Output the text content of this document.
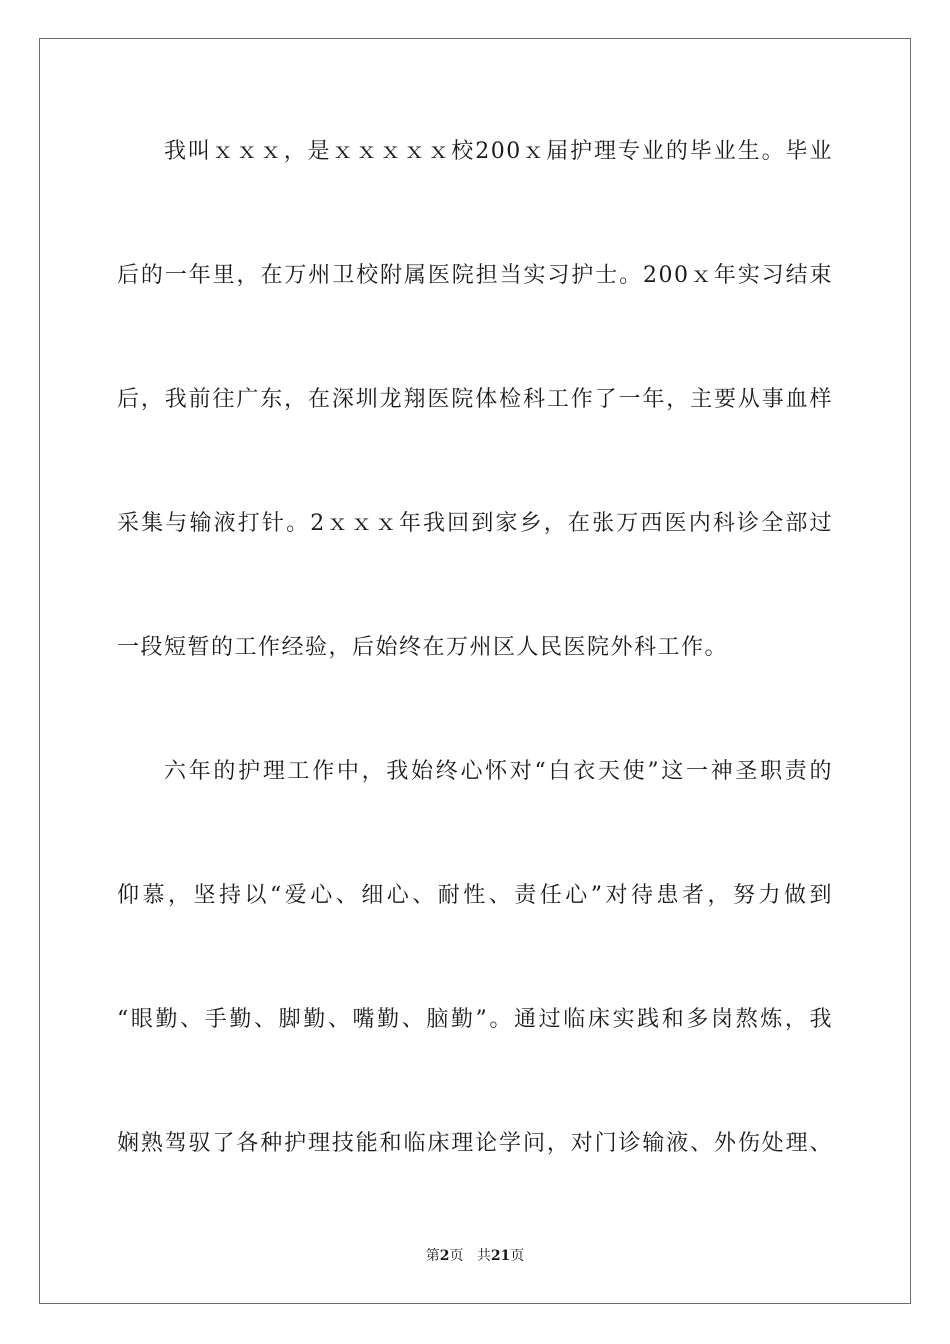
我叫ｘｘｘ，是ｘｘｘｘｘ校200ｘ届护理专业的毕业生。毕业
后的一年里，在万州卫校附属医院担当实习护士。200ｘ年实习结束
后，我前往广东，在深圳龙翔医院体检科工作了一年，主要从事血样
采集与输液打针。2ｘｘｘ年我回到家乡，在张万西医内科诊全部过
一段短暂的工作经验，后始终在万州区人民医院外科工作。
六年的护理工作中，我始终心怀对“白衣天使”这一神圣职责的
仰慕，坚持以“爱心、细心、耐性、责任心”对待患者，努力做到
“眼勤、手勤、脚勤、嘴勤、脑勤”。通过临床实践和多岗熬炼，我
娴熟驾驭了各种护理技能和临床理论学问，对门诊输液、外伤处理、
第2页 共21页
